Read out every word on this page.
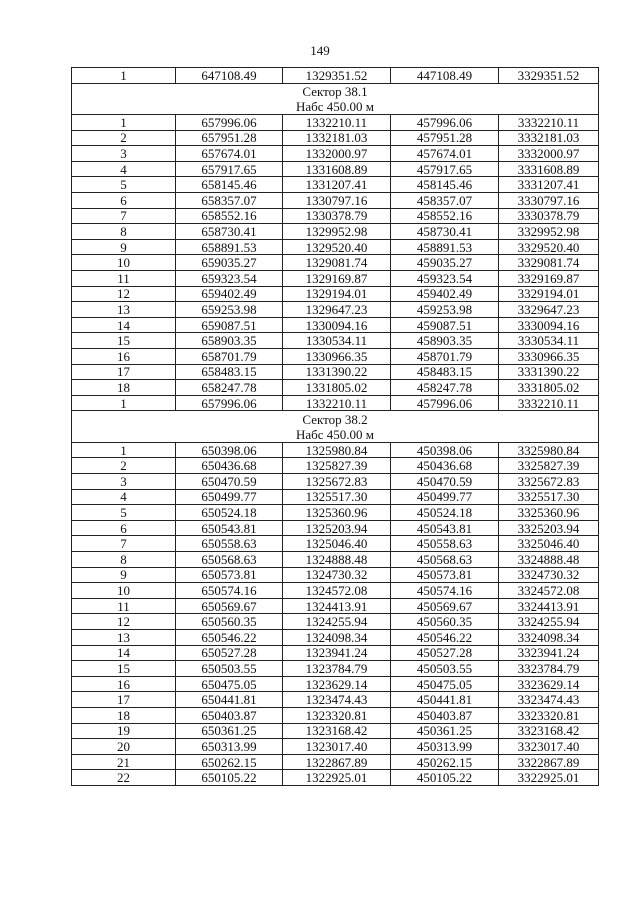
149
1	647108.49	1329351.52	447108.49	3329351.52

Сектор 38.1
Набс 450.00 м				

1	657996.06	1332210.11	457996.06	3332210.11
2	657951.28	1332181.03	457951.28	3332181.03
3	657674.01	1332000.97	457674.01	3332000.97
4	657917.65	1331608.89	457917.65	3331608.89
5	658145.46	1331207.41	458145.46	3331207.41
6	658357.07	1330797.16	458357.07	3330797.16
7	658552.16	1330378.79	458552.16	3330378.79
8	658730.41	1329952.98	458730.41	3329952.98
9	658891.53	1329520.40	458891.53	3329520.40
10	659035.27	1329081.74	459035.27	3329081.74
11	659323.54	1329169.87	459323.54	3329169.87
12	659402.49	1329194.01	459402.49	3329194.01
13	659253.98	1329647.23	459253.98	3329647.23
14	659087.51	1330094.16	459087.51	3330094.16
15	658903.35	1330534.11	458903.35	3330534.11
16	658701.79	1330966.35	458701.79	3330966.35
17	658483.15	1331390.22	458483.15	3331390.22
18	658247.78	1331805.02	458247.78	3331805.02
1	657996.06	1332210.11	457996.06	3332210.11

Сектор 38.2
Набс 450.00 м				

1	650398.06	1325980.84	450398.06	3325980.84
2	650436.68	1325827.39	450436.68	3325827.39
3	650470.59	1325672.83	450470.59	3325672.83
4	650499.77	1325517.30	450499.77	3325517.30
5	650524.18	1325360.96	450524.18	3325360.96
6	650543.81	1325203.94	450543.81	3325203.94
7	650558.63	1325046.40	450558.63	3325046.40
8	650568.63	1324888.48	450568.63	3324888.48
9	650573.81	1324730.32	450573.81	3324730.32
10	650574.16	1324572.08	450574.16	3324572.08
11	650569.67	1324413.91	450569.67	3324413.91
12	650560.35	1324255.94	450560.35	3324255.94
13	650546.22	1324098.34	450546.22	3324098.34
14	650527.28	1323941.24	450527.28	3323941.24
15	650503.55	1323784.79	450503.55	3323784.79
16	650475.05	1323629.14	450475.05	3323629.14
17	650441.81	1323474.43	450441.81	3323474.43
18	650403.87	1323320.81	450403.87	3323320.81
19	650361.25	1323168.42	450361.25	3323168.42
20	650313.99	1323017.40	450313.99	3323017.40
21	650262.15	1322867.89	450262.15	3322867.89
22	650105.22	1322925.01	450105.22	3322925.01
